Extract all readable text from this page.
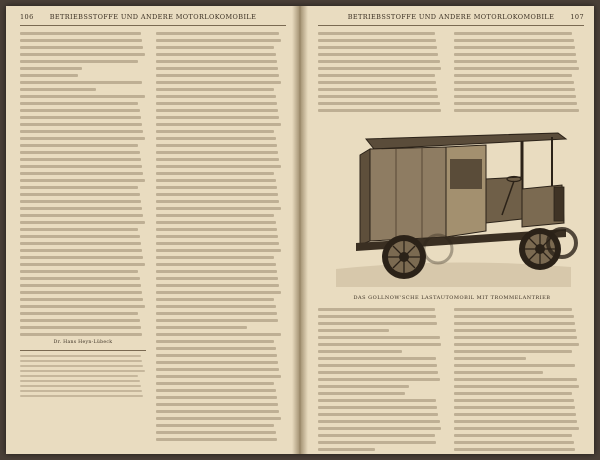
106	BETRIEBSSTOFFE UND ANDERE MOTORLOKOMOBILE
Dr. Hans Heyn-Lübeck
BETRIEBSSTOFFE UND ANDERE MOTORLOKOMOBILE	107
DAS GOLLNOW'SCHE LASTAUTOMOBIL MIT TROMMELANTRIEB
